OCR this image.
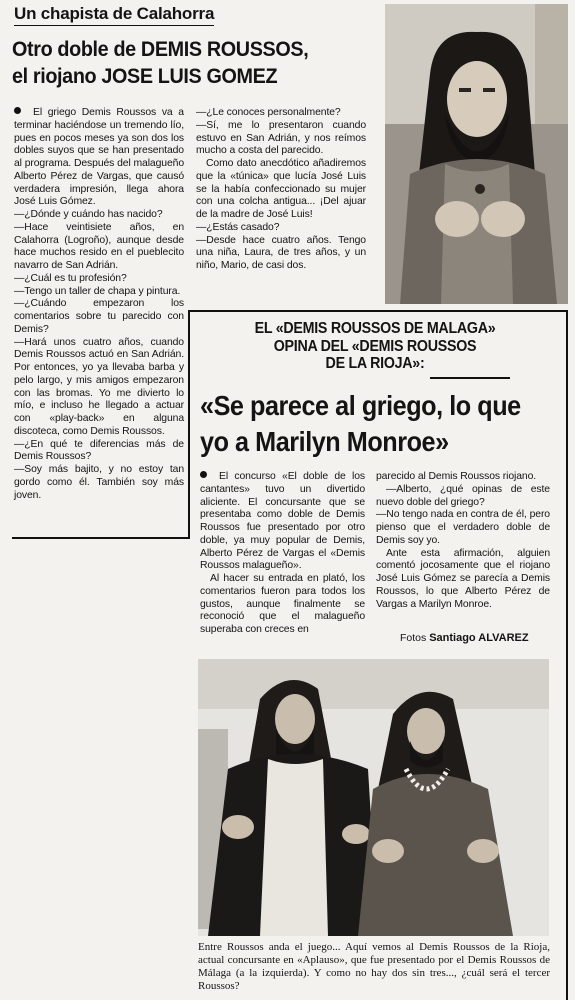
Un chapista de Calahorra
Otro doble de DEMIS ROUSSOS,
el riojano JOSE LUIS GOMEZ

El griego Demis Roussos va a terminar haciéndose un tremendo lío, pues en pocos meses ya son dos los dobles suyos que se han presentado al programa. Después del malagueño Alberto Pérez de Vargas, que causó verdadera impresión, llega ahora José Luis Gómez.

—¿Dónde y cuándo has nacido?

—Hace veintisiete años, en Calahorra (Logroño), aunque desde hace muchos resido en el pueblecito navarro de San Adrián.

—¿Cuál es tu profesión?

—Tengo un taller de chapa y pintura.

—¿Cuándo empezaron los comentarios sobre tu parecido con Demis?

—Hará unos cuatro años, cuando Demis Roussos actuó en San Adrián. Por entonces, yo ya llevaba barba y pelo largo, y mis amigos empezaron con las bromas. Yo me divierto lo mío, e incluso he llegado a actuar con «play-back» en alguna discoteca, como Demis Roussos.

—¿En qué te diferencias más de Demis Roussos?

—Soy más bajito, y no estoy tan gordo como él. También soy más joven.

—¿Le conoces personalmente?

—Sí, me lo presentaron cuando estuvo en San Adrián, y nos reímos mucho a costa del parecido.

Como dato anecdótico añadiremos que la «túnica» que lucía José Luis se la había confeccionado su mujer con una colcha antigua... ¡Del ajuar de la madre de José Luis!

—¿Estás casado?

—Desde hace cuatro años. Tengo una niña, Laura, de tres años, y un niño, Mario, de casi dos.

EL «DEMIS ROUSSOS DE MALAGA»
OPINA DEL «DEMIS ROUSSOS
DE LA RIOJA»:
«Se parece al griego, lo que
yo a Marilyn Monroe»

El concurso «El doble de los cantantes» tuvo un divertido aliciente. El concursante que se presentaba como doble de Demis Roussos fue presentado por otro doble, ya muy popular de Demis, Alberto Pérez de Vargas el «Demis Roussos malagueño».

Al hacer su entrada en plató, los comentarios fueron para todos los gustos, aunque finalmente se reconoció que el malagueño superaba con creces en

parecido al Demis Roussos riojano.

—Alberto, ¿qué opinas de este nuevo doble del griego?

—No tengo nada en contra de él, pero pienso que el verdadero doble de Demis soy yo.

Ante esta afirmación, alguien comentó jocosamente que el riojano José Luis Gómez se parecía a Demis Roussos, lo que Alberto Pérez de Vargas a Marilyn Monroe.

Fotos Santiago ALVAREZ
Entre Roussos anda el juego... Aquí vemos al Demis Roussos de la Rioja, actual concursante en «Aplauso», que fue presentado por el Demis Roussos de Málaga (a la izquierda). Y como no hay dos sin tres..., ¿cuál será el tercer Roussos?
